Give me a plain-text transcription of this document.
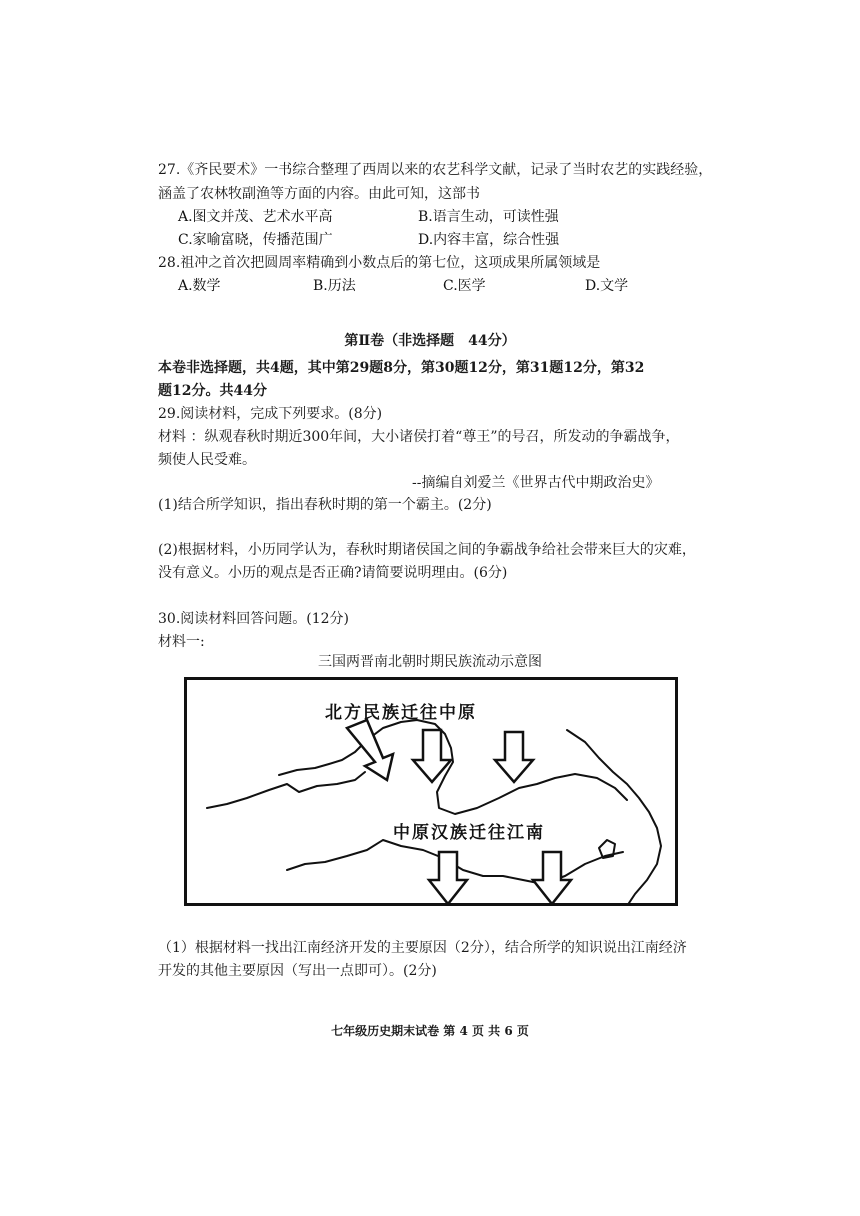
27.《齐民要术》一书综合整理了西周以来的农艺科学文献，记录了当时农艺的实践经验，
涵盖了农林牧副渔等方面的内容。由此可知，这部书
A.图文并茂、艺术水平高	B.语言生动，可读性强
C.家喻富晓，传播范围广	D.内容丰富，综合性强
28.祖冲之首次把圆周率精确到小数点后的第七位，这项成果所属领域是
A.数学	B.历法	C.医学	D.文学
第Ⅱ卷（非选择题　44分）
本卷非选择题，共4题，其中第29题8分，第30题12分，第31题12分，第32
题12分。共44分
29.阅读材料，完成下列要求。(8分)
材料 ：纵观春秋时期近300年间，大小诸侯打着“尊王”的号召，所发动的争霸战争，
频使人民受难。
--摘编自刘爱兰《世界古代中期政治史》
(1)结合所学知识，指出春秋时期的第一个霸主。(2分)
(2)根据材料，小历同学认为，春秋时期诸侯国之间的争霸战争给社会带来巨大的灾难，
没有意义。小历的观点是否正确?请简要说明理由。(6分)
30.阅读材料回答问题。(12分)
材料一:
三国两晋南北朝时期民族流动示意图
北方民族迁往中原
中原汉族迁往江南
（1）根据材料一找出江南经济开发的主要原因（2分），结合所学的知识说出江南经济
开发的其他主要原因（写出一点即可）。(2分)
七年级历史期末试卷 第 4 页 共 6 页
